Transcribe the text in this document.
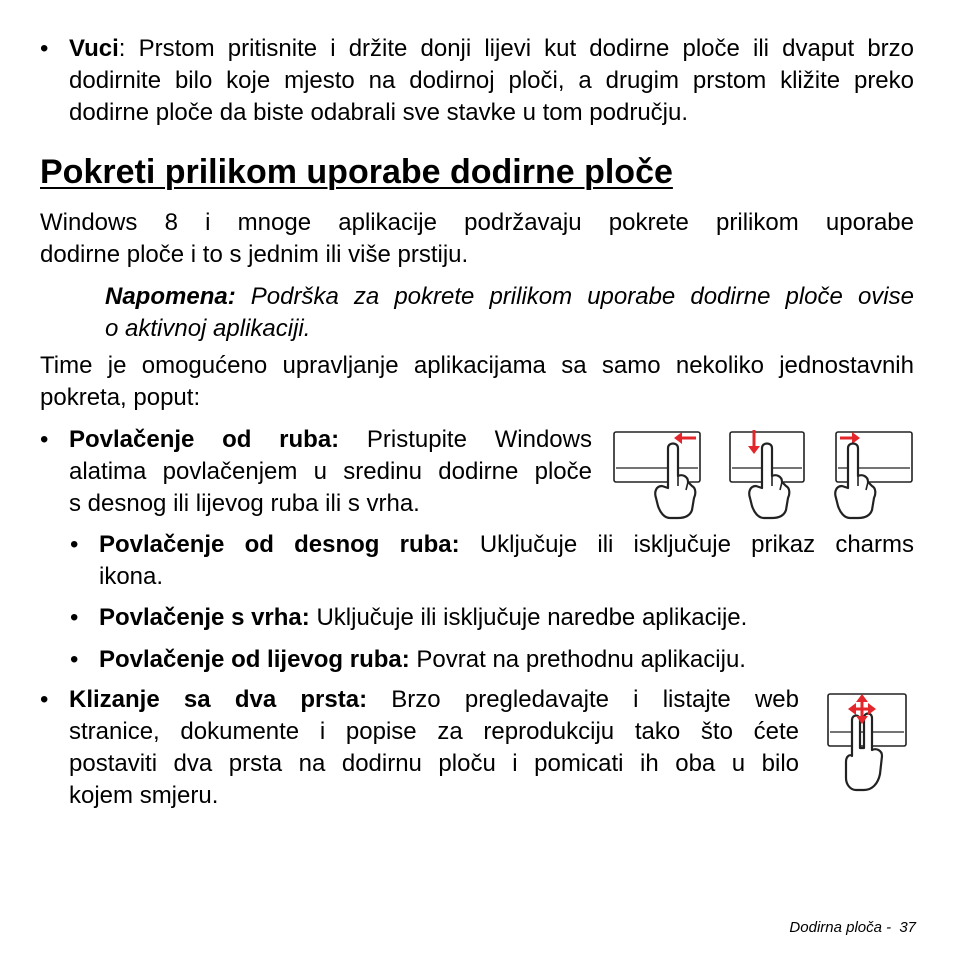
• Vuci: Prstom pritisnite i držite donji lijevi kut dodirne ploče ili dvaput brzo
dodirnite bilo koje mjesto na dodirnoj ploči, a drugim prstom kližite preko
dodirne ploče da biste odabrali sve stavke u tom području.
Pokreti prilikom uporabe dodirne ploče
Windows 8 i mnoge aplikacije podržavaju pokrete prilikom uporabe
dodirne ploče i to s jednim ili više prstiju.
Napomena: Podrška za pokrete prilikom uporabe dodirne ploče ovise
o aktivnoj aplikaciji.
Time je omogućeno upravljanje aplikacijama sa samo nekoliko jednostavnih
pokreta, poput:
• Povlačenje od ruba: Pristupite Windows
alatima povlačenjem u sredinu dodirne ploče
s desnog ili lijevog ruba ili s vrha.
• Povlačenje od desnog ruba: Uključuje ili isključuje prikaz charms
ikona.
• Povlačenje s vrha: Uključuje ili isključuje naredbe aplikacije.
• Povlačenje od lijevog ruba: Povrat na prethodnu aplikaciju.
• Klizanje sa dva prsta: Brzo pregledavajte i listajte web
stranice, dokumente i popise za reprodukciju tako što ćete
postaviti dva prsta na dodirnu ploču i pomicati ih oba u bilo
kojem smjeru.
Dodirna ploča - 37
